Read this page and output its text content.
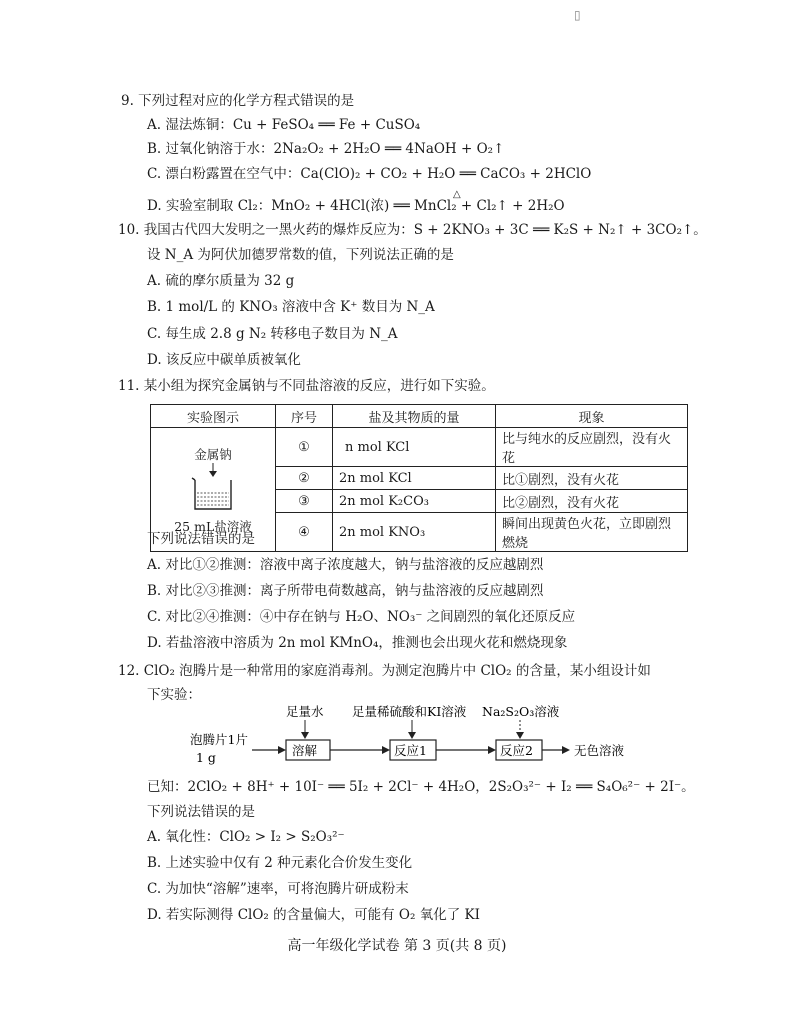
▯
9. 下列过程对应的化学方程式错误的是
A. 湿法炼铜：Cu + FeSO₄ ══ Fe + CuSO₄
B. 过氧化钠溶于水：2Na₂O₂ + 2H₂O ══ 4NaOH + O₂↑
C. 漂白粉露置在空气中：Ca(ClO)₂ + CO₂ + H₂O ══ CaCO₃ + 2HClO
△
D. 实验室制取 Cl₂：MnO₂ + 4HCl(浓) ══ MnCl₂ + Cl₂↑ + 2H₂O
10. 我国古代四大发明之一黑火药的爆炸反应为：S + 2KNO₃ + 3C ══ K₂S + N₂↑ + 3CO₂↑。
设 N_A 为阿伏加德罗常数的值，下列说法正确的是
A. 硫的摩尔质量为 32 g
B. 1 mol/L 的 KNO₃ 溶液中含 K⁺ 数目为 N_A
C. 每生成 2.8 g N₂ 转移电子数目为 N_A
D. 该反应中碳单质被氧化
11. 某小组为探究金属钠与不同盐溶液的反应，进行如下实验。
实验图示	序号	盐及其物质的量	现象

金属钠
25 mL盐溶液	①	n mol KCl	比与纯水的反应剧烈，没有火花
	②	2n mol KCl	比①剧烈，没有火花
	③	2n mol K₂CO₃	比②剧烈，没有火花
	④	2n mol KNO₃	瞬间出现黄色火花，立即剧烈燃烧
下列说法错误的是
A. 对比①②推测：溶液中离子浓度越大，钠与盐溶液的反应越剧烈
B. 对比②③推测：离子所带电荷数越高，钠与盐溶液的反应越剧烈
C. 对比②④推测：④中存在钠与 H₂O、NO₃⁻ 之间剧烈的氧化还原反应
D. 若盐溶液中溶质为 2n mol KMnO₄，推测也会出现火花和燃烧现象
12. ClO₂ 泡腾片是一种常用的家庭消毒剂。为测定泡腾片中 ClO₂ 的含量，某小组设计如
下实验：
泡腾片1片
1 g
足量水
溶解
足量稀硫酸和KI溶液
反应1
Na₂S₂O₃溶液
反应2	无色溶液
已知：2ClO₂ + 8H⁺ + 10I⁻ ══ 5I₂ + 2Cl⁻ + 4H₂O，2S₂O₃²⁻ + I₂ ══ S₄O₆²⁻ + 2I⁻。
下列说法错误的是
A. 氧化性：ClO₂ > I₂ > S₂O₃²⁻
B. 上述实验中仅有 2 种元素化合价发生变化
C. 为加快“溶解”速率，可将泡腾片研成粉末
D. 若实际测得 ClO₂ 的含量偏大，可能有 O₂ 氧化了 KI
高一年级化学试卷 第 3 页(共 8 页)
